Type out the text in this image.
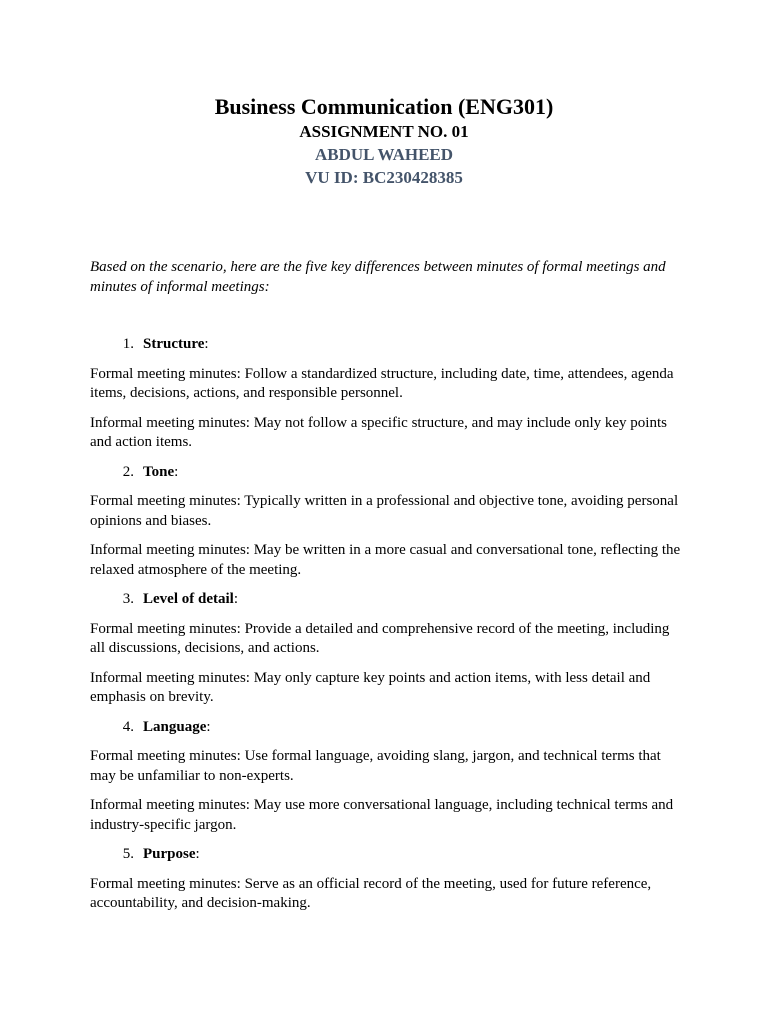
Business Communication (ENG301)

ASSIGNMENT NO. 01

ABDUL WAHEED

VU ID: BC230428385

Based on the scenario, here are the five key differences between minutes of formal meetings and minutes of informal meetings:

1. Structure:

Formal meeting minutes: Follow a standardized structure, including date, time, attendees, agenda items, decisions, actions, and responsible personnel.

Informal meeting minutes: May not follow a specific structure, and may include only key points and action items.

2. Tone:

Formal meeting minutes: Typically written in a professional and objective tone, avoiding personal opinions and biases.

Informal meeting minutes: May be written in a more casual and conversational tone, reflecting the relaxed atmosphere of the meeting.

3. Level of detail:

Formal meeting minutes: Provide a detailed and comprehensive record of the meeting, including all discussions, decisions, and actions.

Informal meeting minutes: May only capture key points and action items, with less detail and emphasis on brevity.

4. Language:

Formal meeting minutes: Use formal language, avoiding slang, jargon, and technical terms that may be unfamiliar to non-experts.

Informal meeting minutes: May use more conversational language, including technical terms and industry-specific jargon.

5. Purpose:

Formal meeting minutes: Serve as an official record of the meeting, used for future reference, accountability, and decision-making.
